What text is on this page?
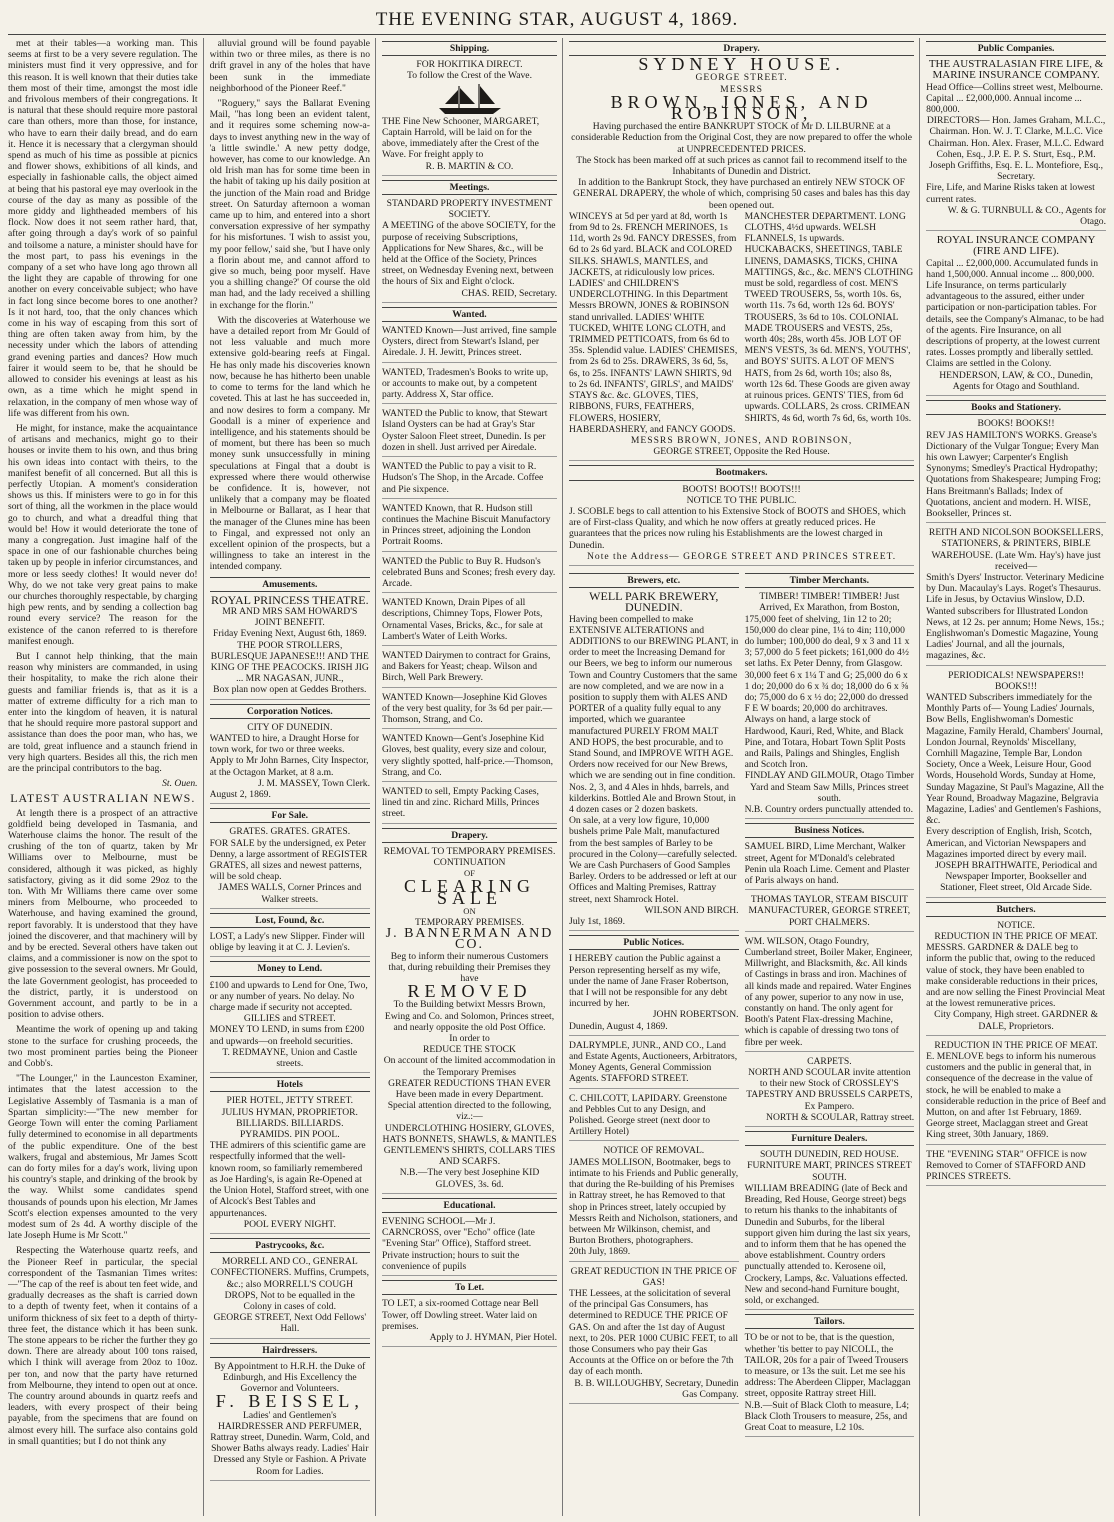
THE EVENING STAR, AUGUST 4, 1869.

met at their tables—a working man. This seems at first to be a very severe regulation. The ministers must find it very oppressive, and for this reason. It is well known that their duties take them most of their time, amongst the most idle and frivolous members of their congregations. It is natural that these should require more pastoral care than others, more than those, for instance, who have to earn their daily bread, and do earn it. Hence it is necessary that a clergyman should spend as much of his time as possible at picnics and flower shows, exhibitions of all kinds, and especially in fashionable calls, the object aimed at being that his pastoral eye may overlook in the course of the day as many as possible of the more giddy and lightheaded members of his flock. Now does it not seem rather hard, that, after going through a day's work of so painful and toilsome a nature, a minister should have for the most part, to pass his evenings in the company of a set who have long ago thrown all the light they are capable of throwing for one another on every conceivable subject; who have in fact long since become bores to one another? Is it not hard, too, that the only chances which come in his way of escaping from this sort of thing are often taken away from him, by the necessity under which the labors of attending grand evening parties and dances? How much fairer it would seem to be, that he should be allowed to consider his evenings at least as his own, as a time which he might spend in relaxation, in the company of men whose way of life was different from his own.

He might, for instance, make the acquaintance of artisans and mechanics, might go to their houses or invite them to his own, and thus bring his own ideas into contact with theirs, to the manifest benefit of all concerned. But all this is perfectly Utopian. A moment's consideration shows us this. If ministers were to go in for this sort of thing, all the workmen in the place would go to church, and what a dreadful thing that would be! How it would deteriorate the tone of many a congregation. Just imagine half of the space in one of our fashionable churches being taken up by people in inferior circumstances, and more or less seedy clothes! It would never do! Why, do we not take very great pains to make our churches thoroughly respectable, by charging high pew rents, and by sending a collection bag round every service? The reason for the existence of the canon referred to is therefore manifest enough.

But I cannot help thinking, that the main reason why ministers are commanded, in using their hospitality, to make the rich alone their guests and familiar friends is, that as it is a matter of extreme difficulty for a rich man to enter into the kingdom of heaven, it is natural that he should require more pastoral support and assistance than does the poor man, who has, we are told, great influence and a staunch friend in very high quarters. Besides all this, the rich men are the principal contributors to the bag.

St. Ouen.
LATEST AUSTRALIAN NEWS.

At length there is a prospect of an attractive goldfield being developed in Tasmania, and Waterhouse claims the honor. The result of the crushing of the ton of quartz, taken by Mr Williams over to Melbourne, must be considered, although it was picked, as highly satisfactory, giving as it did some 29oz to the ton. With Mr Williams there came over some miners from Melbourne, who proceeded to Waterhouse, and having examined the ground, report favorably. It is understood that they have joined the discoverer, and that machinery will by and by be erected. Several others have taken out claims, and a commissioner is now on the spot to give possession to the several owners. Mr Gould, the late Government geologist, has proceeded to the district, partly, it is understood on Government account, and partly to be in a position to advise others.

Meantime the work of opening up and taking stone to the surface for crushing proceeds, the two most prominent parties being the Pioneer and Cobb's.

"The Lounger," in the Launceston Examiner, intimates that the latest accession to the Legislative Assembly of Tasmania is a man of Spartan simplicity:—"The new member for George Town will enter the coming Parliament fully determined to economise in all departments of the public expenditure. One of the best walkers, frugal and abstemious, Mr James Scott can do forty miles for a day's work, living upon his country's staple, and drinking of the brook by the way. Whilst some candidates spend thousands of pounds upon his election, Mr James Scott's election expenses amounted to the very modest sum of 2s 4d. A worthy disciple of the late Joseph Hume is Mr Scott."

Respecting the Waterhouse quartz reefs, and the Pioneer Reef in particular, the special correspondent of the Tasmanian Times writes:—"The cap of the reef is about ten feet wide, and gradually decreases as the shaft is carried down to a depth of twenty feet, when it contains of a uniform thickness of six feet to a depth of thirty-three feet, the distance which it has been sunk. The stone appears to be richer the further they go down. There are already about 100 tons raised, which I think will average from 20oz to 10oz. per ton, and now that the party have returned from Melbourne, they intend to open out at once. The country around abounds in quartz reefs and leaders, with every prospect of their being payable, from the specimens that are found on almost every hill. The surface also contains gold in small quantities; but I do not think any

alluvial ground will be found payable within two or three miles, as there is no drift gravel in any of the holes that have been sunk in the immediate neighborhood of the Pioneer Reef."

"Roguery," says the Ballarat Evening Mail, "has long been an evident talent, and it requires some scheming now-a-days to invest anything new in the way of 'a little swindle.' A new petty dodge, however, has come to our knowledge. An old Irish man has for some time been in the habit of taking up his daily position at the junction of the Main road and Bridge street. On Saturday afternoon a woman came up to him, and entered into a short conversation expressive of her sympathy for his misfortunes. 'I wish to assist you, my poor fellow,' said she, 'but I have only a florin about me, and cannot afford to give so much, being poor myself. Have you a shilling change?' Of course the old man had, and the lady received a shilling in exchange for the florin."

With the discoveries at Waterhouse we have a detailed report from Mr Gould of not less valuable and much more extensive gold-bearing reefs at Fingal. He has only made his discoveries known now, because he has hitherto been unable to come to terms for the land which he coveted. This at last he has succeeded in, and now desires to form a company. Mr Goodall is a miner of experience and intelligence, and his statements should be of moment, but there has been so much money sunk unsuccessfully in mining speculations at Fingal that a doubt is expressed where there would otherwise be confidence. It is, however, not unlikely that a company may be floated in Melbourne or Ballarat, as I hear that the manager of the Clunes mine has been to Fingal, and expressed not only an excellent opinion of the prospects, but a willingness to take an interest in the intended company.

Amusements.
ROYAL PRINCESS THEATRE.
MR AND MRS SAM HOWARD'S JOINT BENEFIT.
Friday Evening Next, August 6th, 1869.
THE POOR STROLLERS, BURLESQUE JAPANESE!!! AND THE KING OF THE PEACOCKS. IRISH JIG ... MR NAGASAN, JUNR.,
Box plan now open at Geddes Brothers.
Corporation Notices.
CITY OF DUNEDIN.
WANTED to hire, a Draught Horse for town work, for two or three weeks.
Apply to Mr John Barnes, City Inspector, at the Octagon Market, at 8 a.m.
J. M. MASSEY, Town Clerk.
August 2, 1869.
For Sale.
GRATES. GRATES. GRATES.
FOR SALE by the undersigned, ex Peter Denny, a large assortment of REGISTER GRATES, all sizes and newest patterns, will be sold cheap.
JAMES WALLS, Corner Princes and Walker streets.
Lost, Found, &c.
LOST, a Lady's new Slipper. Finder will oblige by leaving it at C. J. Levien's.
Money to Lend.
£100 and upwards to Lend for One, Two, or any number of years. No delay. No charge made if security not accepted.
GILLIES and STREET.
MONEY TO LEND, in sums from £200 and upwards—on freehold securities.
T. REDMAYNE, Union and Castle streets.
Hotels
PIER HOTEL, JETTY STREET. JULIUS HYMAN, PROPRIETOR.
BILLIARDS. BILLIARDS. PYRAMIDS. PIN POOL.
THE admirers of this scientific game are respectfully informed that the well-known room, so familiarly remembered as Joe Harding's, is again Re-Opened at the Union Hotel, Stafford street, with one of Alcock's Best Tables and appurtenances.
POOL EVERY NIGHT.
Pastrycooks, &c.
MORRELL AND CO., GENERAL CONFECTIONERS. Muffins, Crumpets, &c.; also MORRELL'S COUGH DROPS, Not to be equalled in the Colony in cases of cold.
GEORGE STREET, Next Odd Fellows' Hall.
Hairdressers.
By Appointment to H.R.H. the Duke of Edinburgh, and His Excellency the Governor and Volunteers.
F. BEISSEL,
Ladies' and Gentlemen's HAIRDRESSER AND PERFUMER, Rattray street, Dunedin. Warm, Cold, and Shower Baths always ready. Ladies' Hair Dressed any Style or Fashion. A Private Room for Ladies.
Shipping.
FOR HOKITIKA DIRECT.
To follow the Crest of the Wave.
THE Fine New Schooner, MARGARET, Captain Harrold, will be laid on for the above, immediately after the Crest of the Wave. For freight apply to
R. B. MARTIN & CO.
Meetings.
STANDARD PROPERTY INVESTMENT SOCIETY.
A MEETING of the above SOCIETY, for the purpose of receiving Subscriptions, Applications for New Shares, &c., will be held at the Office of the Society, Princes street, on Wednesday Evening next, between the hours of Six and Eight o'clock.
CHAS. REID, Secretary.
Wanted.
WANTED Known—Just arrived, fine sample Oysters, direct from Stewart's Island, per Airedale. J. H. Jewitt, Princes street.
WANTED, Tradesmen's Books to write up, or accounts to make out, by a competent party. Address X, Star office.
WANTED the Public to know, that Stewart Island Oysters can be had at Gray's Star Oyster Saloon Fleet street, Dunedin. Is per dozen in shell. Just arrived per Airedale.
WANTED the Public to pay a visit to R. Hudson's The Shop, in the Arcade. Coffee and Pie sixpence.
WANTED Known, that R. Hudson still continues the Machine Biscuit Manufactory in Princes street, adjoining the London Portrait Rooms.
WANTED the Public to Buy R. Hudson's celebrated Buns and Scones; fresh every day. Arcade.
WANTED Known, Drain Pipes of all descriptions, Chimney Tops, Flower Pots, Ornamental Vases, Bricks, &c., for sale at Lambert's Water of Leith Works.
WANTED Dairymen to contract for Grains, and Bakers for Yeast; cheap. Wilson and Birch, Well Park Brewery.
WANTED Known—Josephine Kid Gloves of the very best quality, for 3s 6d per pair.—Thomson, Strang, and Co.
WANTED Known—Gent's Josephine Kid Gloves, best quality, every size and colour, very slightly spotted, half-price.—Thomson, Strang, and Co.
WANTED to sell, Empty Packing Cases, lined tin and zinc. Richard Mills, Princes street.
Drapery.
REMOVAL TO TEMPORARY PREMISES.
CONTINUATION
OF
CLEARING SALE
ON
TEMPORARY PREMISES.
J. BANNERMAN AND CO.
Beg to inform their numerous Customers that, during rebuilding their Premises they have
REMOVED
To the Building betwixt Messrs Brown, Ewing and Co. and Solomon, Princes street, and nearly opposite the old Post Office.
In order to
REDUCE THE STOCK
On account of the limited accommodation in the Temporary Premises
GREATER REDUCTIONS THAN EVER
Have been made in every Department.
Special attention directed to the following, viz.:—
UNDERCLOTHING HOSIERY, GLOVES, HATS BONNETS, SHAWLS, & MANTLES GENTLEMEN'S SHIRTS, COLLARS TIES AND SCARFS.
N.B.—The very best Josephine KID GLOVES, 3s. 6d.
Educational.
EVENING SCHOOL—Mr J. CARNCROSS, over "Echo" office (late "Evening Star" Office), Stafford street. Private instruction; hours to suit the convenience of pupils
To Let.
TO LET, a six-roomed Cottage near Bell Tower, off Dowling street. Water laid on premises.
Apply to J. HYMAN, Pier Hotel.
Drapery.
SYDNEY HOUSE.
GEORGE STREET.
MESSRS
BROWN, JONES, AND ROBINSON,
Having purchased the entire BANKRUPT STOCK of Mr D. LILBURNE at a considerable Reduction from the Original Cost, they are now prepared to offer the whole at UNPRECEDENTED PRICES.
The Stock has been marked off at such prices as cannot fail to recommend itself to the Inhabitants of Dunedin and District.
In addition to the Bankrupt Stock, they have purchased an entirely NEW STOCK OF GENERAL DRAPERY, the whole of which, comprising 50 cases and bales has this day been opened out.
WINCEYS at 5d per yard at 8d, worth 1s from 9d to 2s. FRENCH MERINOES, 1s 11d, worth 2s 9d. FANCY DRESSES, from 6d to 2s 6d yard. BLACK and COLORED SILKS. SHAWLS, MANTLES, and JACKETS, at ridiculously low prices. LADIES' and CHILDREN'S UNDERCLOTHING. In this Department Messrs BROWN, JONES & ROBINSON stand unrivalled. LADIES' WHITE TUCKED, WHITE LONG CLOTH, and TRIMMED PETTICOATS, from 6s 6d to 35s. Splendid value. LADIES' CHEMISES, from 2s 6d to 25s. DRAWERS, 3s 6d, 5s, 6s, to 25s. INFANTS' LAWN SHIRTS, 9d to 2s 6d. INFANTS', GIRLS', and MAIDS' STAYS &c. &c. GLOVES, TIES, RIBBONS, FURS, FEATHERS, FLOWERS, HOSIERY, HABERDASHERY, and FANCY GOODS.
MANCHESTER DEPARTMENT. LONG CLOTHS, 4½d upwards. WELSH FLANNELS, 1s upwards. HUCKABACKS, SHEETINGS, TABLE LINENS, DAMASKS, TICKS, CHINA MATTINGS, &c., &c. MEN'S CLOTHING must be sold, regardless of cost. MEN'S TWEED TROUSERS, 5s, worth 10s. 6s, worth 11s. 7s 6d, worth 12s 6d. BOYS' TROUSERS, 3s 6d to 10s. COLONIAL MADE TROUSERS and VESTS, 25s, worth 40s; 28s, worth 45s. JOB LOT OF MEN'S VESTS, 3s 6d. MEN'S, YOUTHS', and BOYS' SUITS. A LOT OF MEN'S HATS, from 2s 6d, worth 10s; also 8s, worth 12s 6d. These Goods are given away at ruinous prices. GENTS' TIES, from 6d upwards. COLLARS, 2s cross. CRIMEAN SHIRTS, 4s 6d, worth 7s 6d, 6s, worth 10s.
MESSRS BROWN, JONES, AND ROBINSON,
GEORGE STREET, Opposite the Red House.
Bootmakers.
BOOTS! BOOTS!! BOOTS!!!
NOTICE TO THE PUBLIC.
J. SCOBLE begs to call attention to his Extensive Stock of BOOTS and SHOES, which are of First-class Quality, and which he now offers at greatly reduced prices. He guarantees that the prices now ruling his Establishments are the lowest charged in Dunedin.
Note the Address— GEORGE STREET AND PRINCES STREET.
Brewers, etc.
WELL PARK BREWERY, DUNEDIN.
Having been compelled to make EXTENSIVE ALTERATIONS and ADDITIONS to our BREWING PLANT, in order to meet the Increasing Demand for our Beers, we beg to inform our numerous Town and Country Customers that the same are now completed, and we are now in a position to supply them with ALES AND PORTER of a quality fully equal to any imported, which we guarantee manufactured PURELY FROM MALT AND HOPS, the best procurable, and to Stand Sound, and IMPROVE WITH AGE.
Orders now received for our New Brews, which we are sending out in fine condition. Nos. 2, 3, and 4 Ales in hhds, barrels, and kilderkins. Bottled Ale and Brown Stout, in 4 dozen cases or 2 dozen baskets.
On sale, at a very low figure, 10,000 bushels prime Pale Malt, manufactured from the best samples of Barley to be procured in the Colony—carefully selected. We are Cash Purchasers of Good Samples Barley. Orders to be addressed or left at our Offices and Malting Premises, Rattray street, next Shamrock Hotel.
WILSON AND BIRCH.
July 1st, 1869.
Public Notices.
I HEREBY caution the Public against a Person representing herself as my wife, under the name of Jane Fraser Robertson, that I will not be responsible for any debt incurred by her.
JOHN ROBERTSON.
Dunedin, August 4, 1869.
DALRYMPLE, JUNR., AND CO., Land and Estate Agents, Auctioneers, Arbitrators, Money Agents, General Commission Agents. STAFFORD STREET.
C. CHILCOTT, LAPIDARY. Greenstone and Pebbles Cut to any Design, and Polished. George street (next door to Artillery Hotel)
NOTICE OF REMOVAL.
JAMES MOLLISON, Bootmaker, begs to intimate to his Friends and Public generally, that during the Re-building of his Premises in Rattray street, he has Removed to that shop in Princes street, lately occupied by Messrs Reith and Nicholson, stationers, and between Mr Wilkinson, chemist, and Burton Brothers, photographers.
20th July, 1869.
GREAT REDUCTION IN THE PRICE OF GAS!
THE Lessees, at the solicitation of several of the principal Gas Consumers, has determined to REDUCE THE PRICE OF GAS. On and after the 1st day of August next, to 20s. PER 1000 CUBIC FEET, to all those Consumers who pay their Gas Accounts at the Office on or before the 7th day of each month.
B. B. WILLOUGHBY, Secretary, Dunedin Gas Company.
Timber Merchants.
TIMBER! TIMBER! TIMBER! Just Arrived, Ex Marathon, from Boston,
175,000 feet of shelving, 1in 12 to 20; 150,000 do clear pine, 1¼ to 4in; 110,000 do lumber; 100,000 do deal, 9 x 3 and 11 x 3; 57,000 do 5 feet pickets; 161,000 do 4½ set laths. Ex Peter Denny, from Glasgow. 30,000 feet 6 x 1¼ T and G; 25,000 do 6 x 1 do; 20,000 do 6 x ¾ do; 18,000 do 6 x ⅝ do; 75,000 do 6 x ½ do; 22,000 do dressed F E W boards; 20,000 do architraves.
Always on hand, a large stock of Hardwood, Kauri, Red, White, and Black Pine, and Totara, Hobart Town Split Posts and Rails, Palings and Shingles, English and Scotch Iron.
FINDLAY AND GILMOUR, Otago Timber Yard and Steam Saw Mills, Princes street south.
N.B. Country orders punctually attended to.
Business Notices.
SAMUEL BIRD, Lime Merchant, Walker street, Agent for M'Donald's celebrated Penin ula Roach Lime. Cement and Plaster of Paris always on hand.
THOMAS TAYLOR, STEAM BISCUIT MANUFACTURER, GEORGE STREET, PORT CHALMERS.
WM. WILSON, Otago Foundry, Cumberland street, Boiler Maker, Engineer, Millwright, and Blacksmith, &c. All kinds of Castings in brass and iron. Machines of all kinds made and repaired. Water Engines of any power, superior to any now in use, constantly on hand. The only agent for Booth's Patent Flax-dressing Machine, which is capable of dressing two tons of fibre per week.
CARPETS.
NORTH AND SCOULAR invite attention to their new Stock of CROSSLEY'S TAPESTRY AND BRUSSELS CARPETS, Ex Pampero.
NORTH & SCOULAR, Rattray street.
Furniture Dealers.
SOUTH DUNEDIN, RED HOUSE.
FURNITURE MART, PRINCES STREET SOUTH.
WILLIAM BREADING (late of Beck and Breading, Red House, George street) begs to return his thanks to the inhabitants of Dunedin and Suburbs, for the liberal support given him during the last six years, and to inform them that he has opened the above establishment. Country orders punctually attended to. Kerosene oil, Crockery, Lamps, &c. Valuations effected. New and second-hand Furniture bought, sold, or exchanged.
Tailors.
TO be or not to be, that is the question, whether 'tis better to pay NICOLL, the TAILOR, 20s for a pair of Tweed Trousers to measure, or 13s the suit. Let me see his address: The Aberdeen Clipper, Maclaggan street, opposite Rattray street Hill.
N.B.—Suit of Black Cloth to measure, L4; Black Cloth Trousers to measure, 25s, and Great Coat to measure, L2 10s.
Public Companies.
THE AUSTRALASIAN FIRE LIFE, & MARINE INSURANCE COMPANY.
Head Office—Collins street west, Melbourne.
Capital ... £2,000,000. Annual income ... 800,000.
DIRECTORS— Hon. James Graham, M.L.C., Chairman. Hon. W. J. T. Clarke, M.L.C. Vice Chairman. Hon. Alex. Fraser, M.L.C. Edward Cohen, Esq., J.P. E. P. S. Sturt, Esq., P.M. Joseph Griffiths, Esq. E. L. Montefiore, Esq., Secretary.
Fire, Life, and Marine Risks taken at lowest current rates.
W. & G. TURNBULL & CO., Agents for Otago.
ROYAL INSURANCE COMPANY (FIRE AND LIFE).
Capital ... £2,000,000. Accumulated funds in hand 1,500,000. Annual income ... 800,000.
Life Insurance, on terms particularly advantageous to the assured, either under participation or non-participation tables. For details, see the Company's Almanac, to be had of the agents. Fire Insurance, on all descriptions of property, at the lowest current rates. Losses promptly and liberally settled. Claims are settled in the Colony.
HENDERSON, LAW, & CO., Dunedin, Agents for Otago and Southland.
Books and Stationery.
BOOKS! BOOKS!!
REV JAS HAMILTON'S WORKS. Grease's Dictionary of the Vulgar Tongue; Every Man his own Lawyer; Carpenter's English Synonyms; Smedley's Practical Hydropathy; Quotations from Shakespeare; Jumping Frog; Hans Breitmann's Ballads; Index of Quotations, ancient and modern. H. WISE, Bookseller, Princes st.
REITH AND NICOLSON BOOKSELLERS, STATIONERS, & PRINTERS, BIBLE WAREHOUSE. (Late Wm. Hay's) have just received—
Smith's Dyers' Instructor. Veterinary Medicine by Dun. Macaulay's Lays. Roget's Thesaurus. Life in Jesus, by Octavius Winslow, D.D. Wanted subscribers for Illustrated London News, at 12 2s. per annum; Home News, 15s.; Englishwoman's Domestic Magazine, Young Ladies' Journal, and all the journals, magazines, &c.
PERIODICALS! NEWSPAPERS!! BOOKS!!!
WANTED Subscribers immediately for the Monthly Parts of— Young Ladies' Journals, Bow Bells, Englishwoman's Domestic Magazine, Family Herald, Chambers' Journal, London Journal, Reynolds' Miscellany, Cornhill Magazine, Temple Bar, London Society, Once a Week, Leisure Hour, Good Words, Household Words, Sunday at Home, Sunday Magazine, St Paul's Magazine, All the Year Round, Broadway Magazine, Belgravia Magazine, Ladies' and Gentlemen's Fashions, &c.
Every description of English, Irish, Scotch, American, and Victorian Newspapers and Magazines imported direct by every mail.
JOSEPH BRAITHWAITE, Periodical and Newspaper Importer, Bookseller and Stationer, Fleet street, Old Arcade Side.
Butchers.
NOTICE.
REDUCTION IN THE PRICE OF MEAT.
MESSRS. GARDNER & DALE beg to inform the public that, owing to the reduced value of stock, they have been enabled to make considerable reductions in their prices, and are now selling the Finest Provincial Meat at the lowest remunerative prices.
City Company, High street. GARDNER & DALE, Proprietors.
REDUCTION IN THE PRICE OF MEAT.
E. MENLOVE begs to inform his numerous customers and the public in general that, in consequence of the decrease in the value of stock, he will be enabled to make a considerable reduction in the price of Beef and Mutton, on and after 1st February, 1869.
George street, Maclaggan street and Great King street, 30th January, 1869.
THE "EVENING STAR" OFFICE is now Removed to Corner of STAFFORD AND PRINCES STREETS.
